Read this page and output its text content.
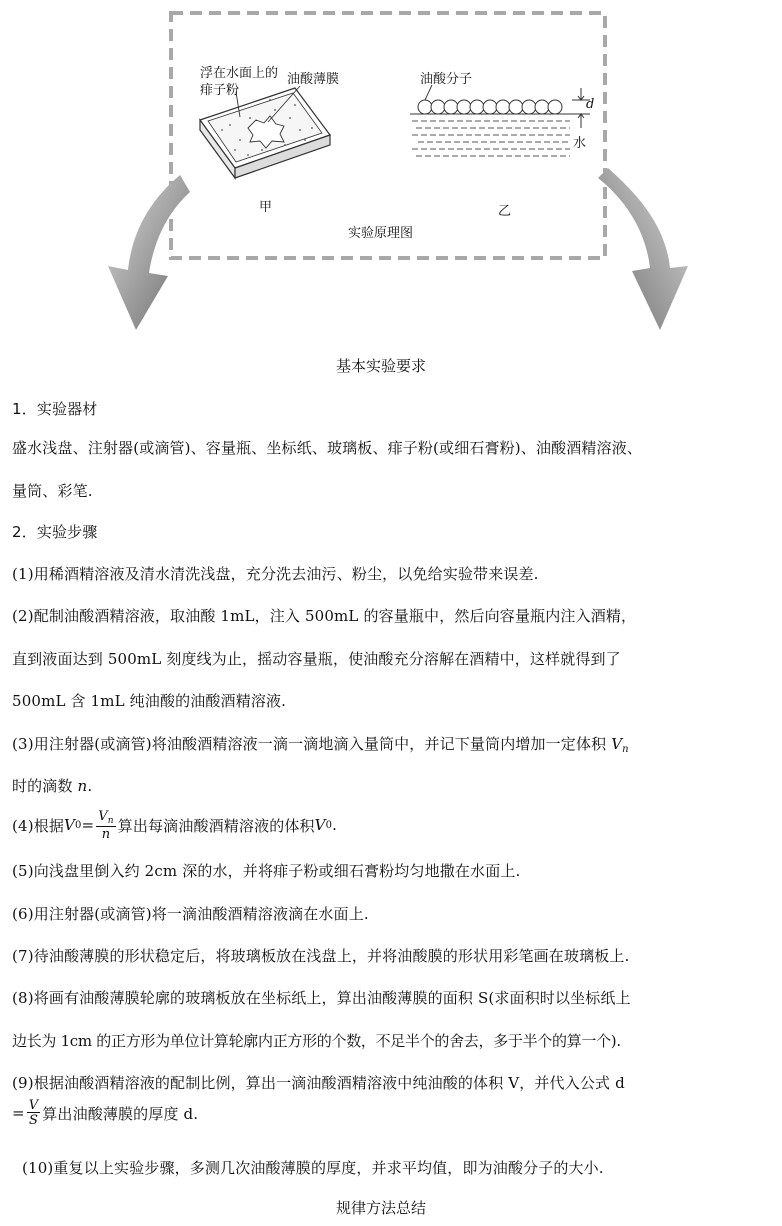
浮在水面上的
痱子粉
油酸薄膜	油酸分子
d
水
甲	乙
实验原理图
基本实验要求
1．实验器材
盛水浅盘、注射器(或滴管)、容量瓶、坐标纸、玻璃板、痱子粉(或细石膏粉)、油酸酒精溶液、
量筒、彩笔.
2．实验步骤
(1)用稀酒精溶液及清水清洗浅盘，充分洗去油污、粉尘，以免给实验带来误差.
(2)配制油酸酒精溶液，取油酸 1mL，注入 500mL 的容量瓶中，然后向容量瓶内注入酒精，
直到液面达到 500mL 刻度线为止，摇动容量瓶，使油酸充分溶解在酒精中，这样就得到了
500mL 含 1mL 纯油酸的油酸酒精溶液.
(3)用注射器(或滴管)将油酸酒精溶液一滴一滴地滴入量筒中，并记下量筒内增加一定体积 $V_n$
时的滴数 n.
(4)根据 V $0 = \frac{V_n}{n}$ 算出每滴油酸酒精溶液的体积 V 0 .
(5)向浅盘里倒入约 2cm 深的水，并将痱子粉或细石膏粉均匀地撒在水面上.
(6)用注射器(或滴管)将一滴油酸酒精溶液滴在水面上.
(7)待油酸薄膜的形状稳定后，将玻璃板放在浅盘上，并将油酸膜的形状用彩笔画在玻璃板上.
(8)将画有油酸薄膜轮廓的玻璃板放在坐标纸上，算出油酸薄膜的面积 S(求面积时以坐标纸上
边长为 1cm 的正方形为单位计算轮廓内正方形的个数，不足半个的舍去，多于半个的算一个).
(9)根据油酸酒精溶液的配制比例，算出一滴油酸酒精溶液中纯油酸的体积 V，并代入公式 d
= $\frac{V}{S}$ 算出油酸薄膜的厚度 d.
(10)重复以上实验步骤，多测几次油酸薄膜的厚度，并求平均值，即为油酸分子的大小.
规律方法总结
